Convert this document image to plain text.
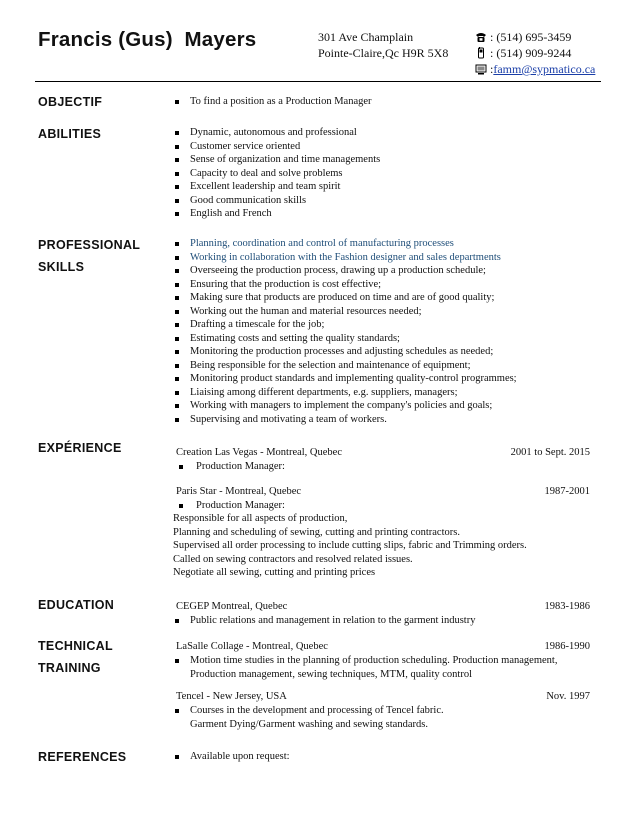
Francis (Gus)  Mayers	301 Ave Champlain
Pointe-Claire,Qc H9R 5X8
: (514) 695-3459
: (514) 909-9244
: famm@sypmatico.ca
OBJECTIF	To find a position as a Production Manager
ABILITIES	Dynamic, autonomous and professional
Customer service oriented
Sense of organization and time managements
Capacity to deal and solve problems
Excellent leadership and team spirit
Good communication skills
English and French
PROFESSIONAL
SKILLS
Planning, coordination and control of manufacturing processes
Working in collaboration with the Fashion designer and sales departments
Overseeing the production process, drawing up a production schedule;
Ensuring that the production is cost effective;
Making sure that products are produced on time and are of good quality;
Working out the human and material resources needed;
Drafting a timescale for the job;
Estimating costs and setting the quality standards;
Monitoring the production processes and adjusting schedules as needed;
Being responsible for the selection and maintenance of equipment;
Monitoring product standards and implementing quality-control programmes;
Liaising among different departments, e.g. suppliers, managers;
Working with managers to implement the company's policies and goals;
Supervising and motivating a team of workers.
EXPÉRIENCE	Creation Las Vegas - Montreal, Quebec	2001 to Sept. 2015
Production Manager:
Paris Star - Montreal, Quebec	1987-2001
Production Manager:
Responsible for all aspects of production,
Planning and scheduling of sewing, cutting and printing contractors.
Supervised all order processing to include cutting slips, fabric and Trimming orders.
Called on sewing contractors and resolved related issues.
Negotiate all sewing, cutting and printing prices
EDUCATION	CEGEP Montreal, Quebec	1983-1986
Public relations and management in relation to the garment industry
TECHNICAL
TRAINING
LaSalle Collage - Montreal, Quebec	1986-1990
Motion time studies in the planning of production scheduling. Production management,
Production management, sewing techniques, MTM, quality control
Tencel - New Jersey, USA	Nov. 1997
Courses in the development and processing of Tencel fabric.
Garment Dying/Garment washing and sewing standards.
REFERENCES	Available upon request:
